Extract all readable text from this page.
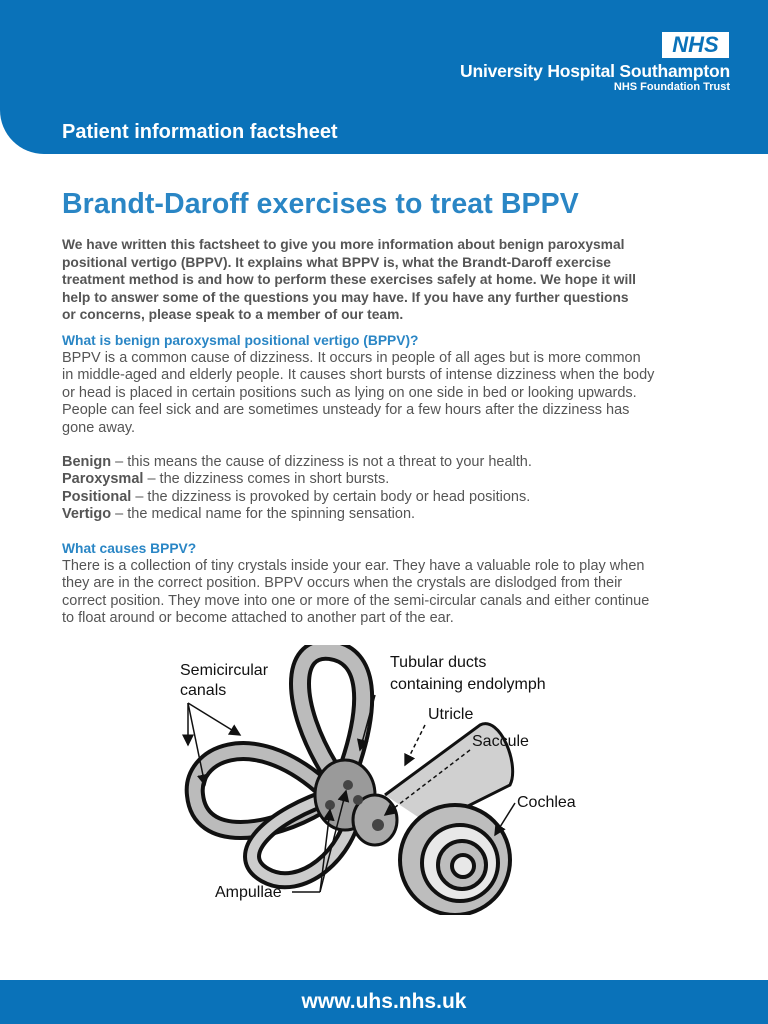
NHS
University Hospital Southampton
NHS Foundation Trust
Patient information factsheet
Brandt-Daroff exercises to treat BPPV

We have written this factsheet to give you more information about benign paroxysmal

positional vertigo (BPPV). It explains what BPPV is, what the Brandt-Daroff exercise

treatment method is and how to perform these exercises safely at home. We hope it will

help to answer some of the questions you may have. If you have any further questions

or concerns, please speak to a member of our team.

What is benign paroxysmal positional vertigo (BPPV)?

BPPV is a common cause of dizziness. It occurs in people of all ages but is more common

in middle-aged and elderly people. It causes short bursts of intense dizziness when the body

or head is placed in certain positions such as lying on one side in bed or looking upwards.

People can feel sick and are sometimes unsteady for a few hours after the dizziness has

gone away.

Benign – this means the cause of dizziness is not a threat to your health.

Paroxysmal – the dizziness comes in short bursts.

Positional – the dizziness is provoked by certain body or head positions.

Vertigo – the medical name for the spinning sensation.

What causes BPPV?

There is a collection of tiny crystals inside your ear. They have a valuable role to play when

they are in the correct position. BPPV occurs when the crystals are dislodged from their

correct position. They move into one or more of the semi-circular canals and either continue

to float around or become attached to another part of the ear.

Semicircular
canals
Tubular ducts
containing endolymph
Utricle
Saccule
Cochlea
Ampullae
www.uhs.nhs.uk
